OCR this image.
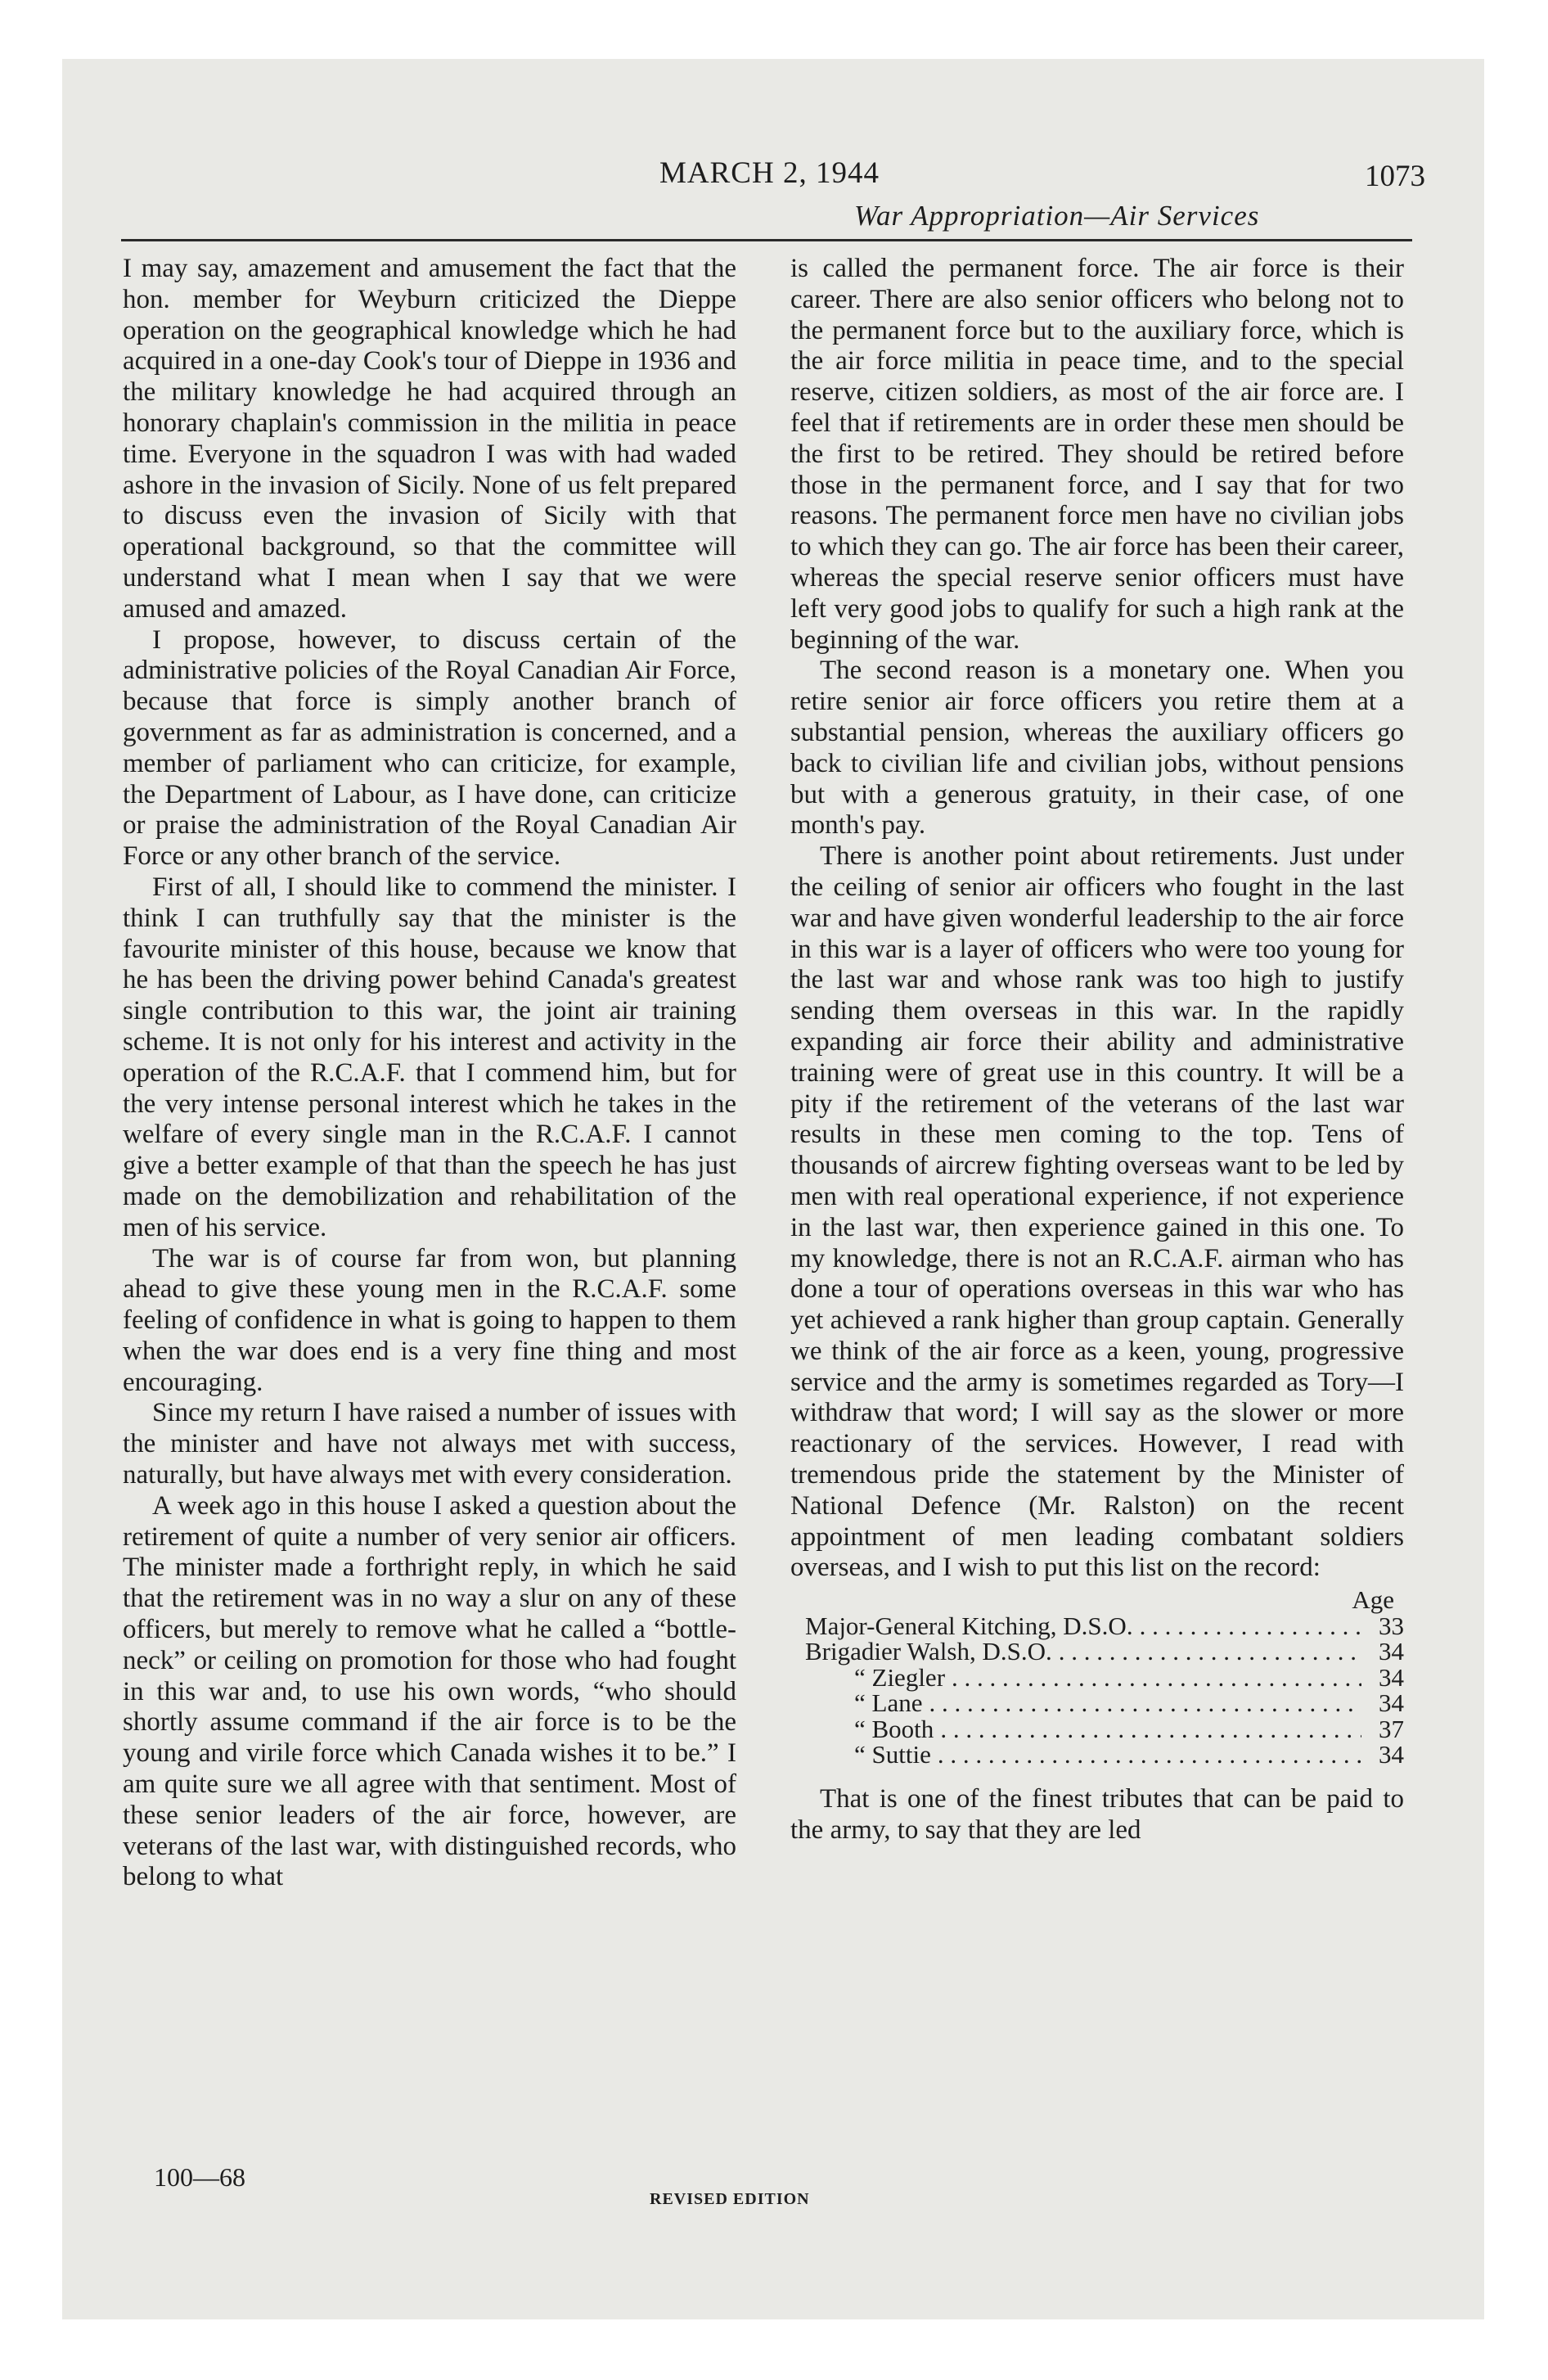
MARCH 2, 1944	1073
War Appropriation—Air Services

I may say, amazement and amusement the fact that the hon. member for Weyburn criticized the Dieppe operation on the geographical knowledge which he had acquired in a one-day Cook's tour of Dieppe in 1936 and the military knowledge he had acquired through an honorary chaplain's commission in the militia in peace time. Everyone in the squadron I was with had waded ashore in the invasion of Sicily. None of us felt prepared to discuss even the invasion of Sicily with that operational background, so that the committee will understand what I mean when I say that we were amused and amazed.

I propose, however, to discuss certain of the administrative policies of the Royal Canadian Air Force, because that force is simply another branch of government as far as administration is concerned, and a member of parliament who can criticize, for example, the Department of Labour, as I have done, can criticize or praise the administration of the Royal Canadian Air Force or any other branch of the service.

First of all, I should like to commend the minister. I think I can truthfully say that the minister is the favourite minister of this house, because we know that he has been the driving power behind Canada's greatest single contribution to this war, the joint air training scheme. It is not only for his interest and activity in the operation of the R.C.A.F. that I commend him, but for the very intense personal interest which he takes in the welfare of every single man in the R.C.A.F. I cannot give a better example of that than the speech he has just made on the demobilization and rehabilitation of the men of his service.

The war is of course far from won, but planning ahead to give these young men in the R.C.A.F. some feeling of confidence in what is going to happen to them when the war does end is a very fine thing and most encouraging.

Since my return I have raised a number of issues with the minister and have not always met with success, naturally, but have always met with every consideration.

A week ago in this house I asked a question about the retirement of quite a number of very senior air officers. The minister made a forthright reply, in which he said that the retirement was in no way a slur on any of these officers, but merely to remove what he called a “bottle-neck” or ceiling on promotion for those who had fought in this war and, to use his own words, “who should shortly assume command if the air force is to be the young and virile force which Canada wishes it to be.” I am quite sure we all agree with that sentiment. Most of these senior leaders of the air force, however, are veterans of the last war, with distinguished records, who belong to what

is called the permanent force. The air force is their career. There are also senior officers who belong not to the permanent force but to the auxiliary force, which is the air force militia in peace time, and to the special reserve, citizen soldiers, as most of the air force are. I feel that if retirements are in order these men should be the first to be retired. They should be retired before those in the permanent force, and I say that for two reasons. The permanent force men have no civilian jobs to which they can go. The air force has been their career, whereas the special reserve senior officers must have left very good jobs to qualify for such a high rank at the beginning of the war.

The second reason is a monetary one. When you retire senior air force officers you retire them at a substantial pension, whereas the auxiliary officers go back to civilian life and civilian jobs, without pensions but with a generous gratuity, in their case, of one month's pay.

There is another point about retirements. Just under the ceiling of senior air officers who fought in the last war and have given wonderful leadership to the air force in this war is a layer of officers who were too young for the last war and whose rank was too high to justify sending them overseas in this war. In the rapidly expanding air force their ability and administrative training were of great use in this country. It will be a pity if the retirement of the veterans of the last war results in these men coming to the top. Tens of thousands of aircrew fighting overseas want to be led by men with real operational experience, if not experience in the last war, then experience gained in this one. To my knowledge, there is not an R.C.A.F. airman who has done a tour of operations overseas in this war who has yet achieved a rank higher than group captain. Generally we think of the air force as a keen, young, progressive service and the army is sometimes regarded as Tory—I withdraw that word; I will say as the slower or more reactionary of the services. However, I read with tremendous pride the statement by the Minister of National Defence (Mr. Ralston) on the recent appointment of men leading combatant soldiers overseas, and I wish to put this list on the record:

Age
Major-General Kitching, D.S.O. . . .	33
Brigadier Walsh, D.S.O. . . .	34
“ Ziegler . . .	34
“ Lane . . .	34
“ Booth . . .	37
“ Suttie . . .	34

That is one of the finest tributes that can be paid to the army, to say that they are led

100—68
REVISED EDITION
